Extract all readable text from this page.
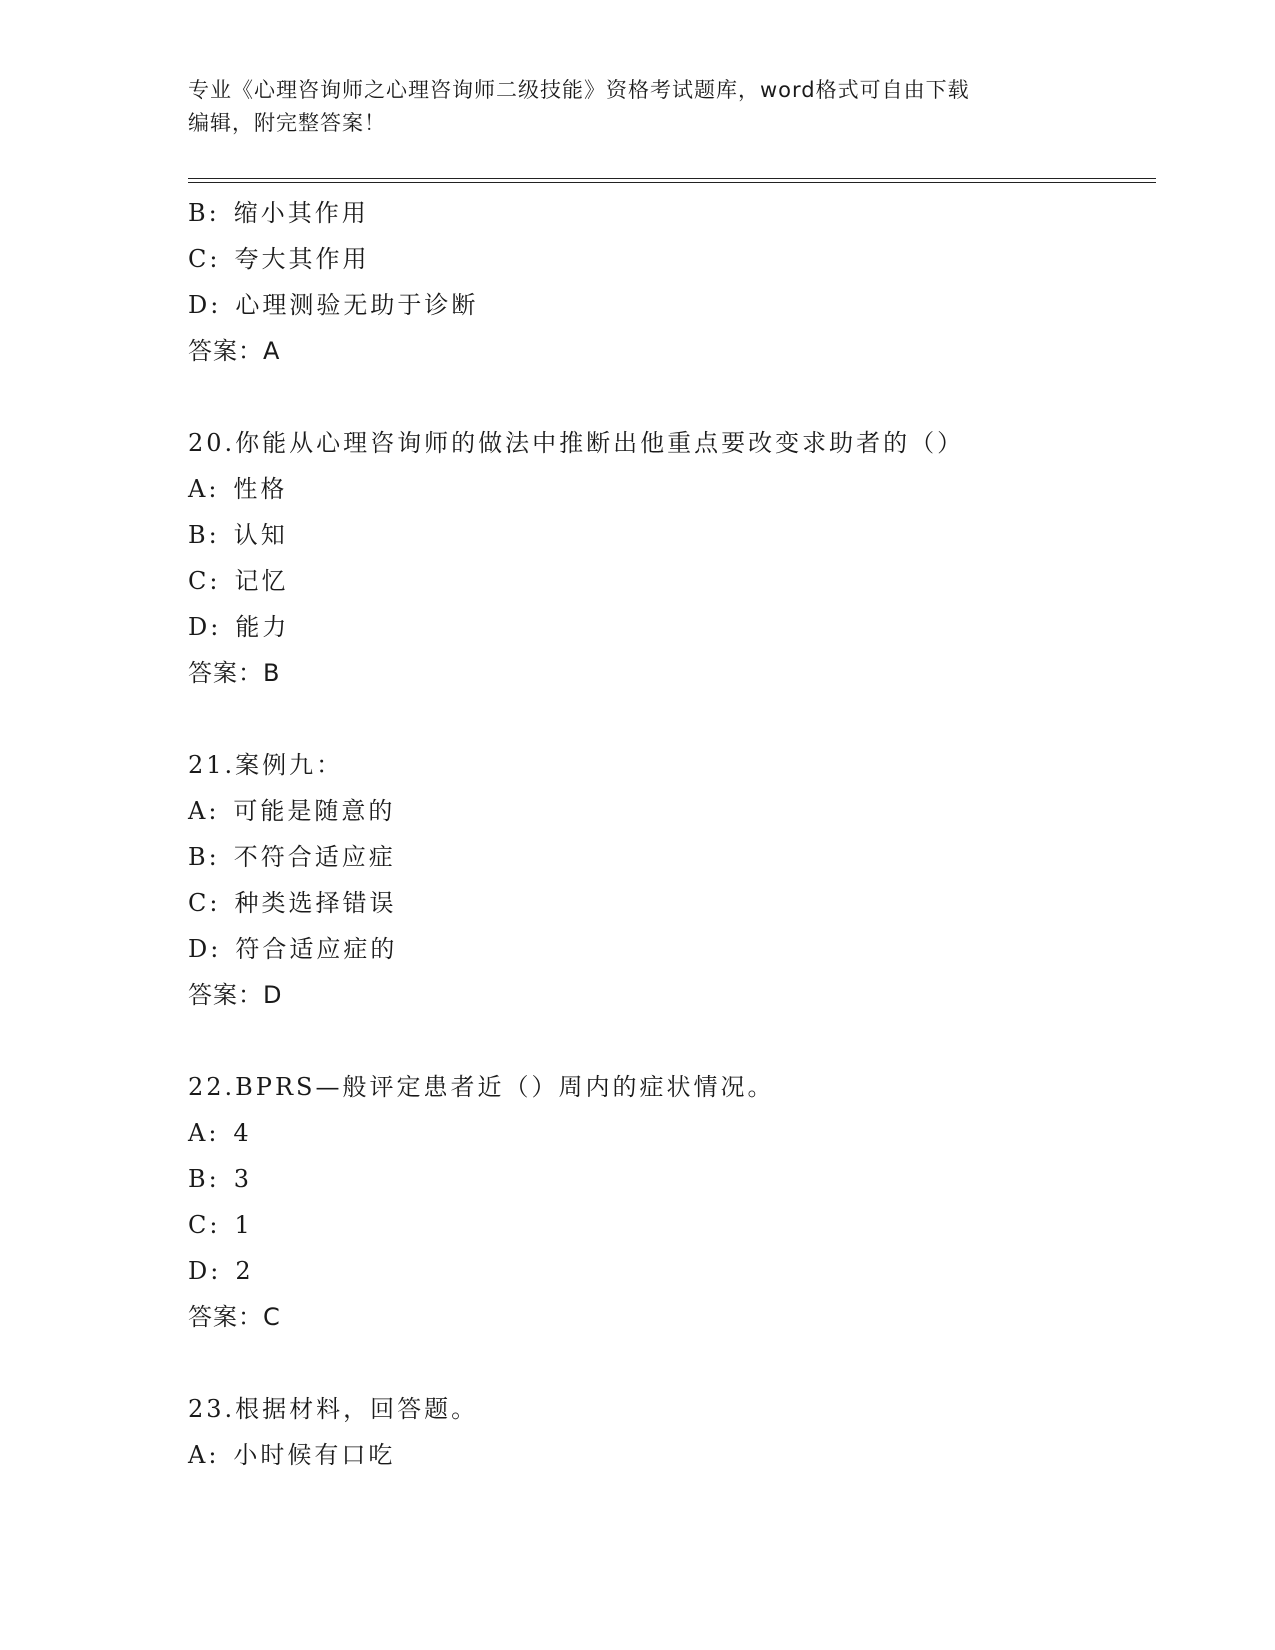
专业《心理咨询师之心理咨询师二级技能》资格考试题库，word格式可自由下载
编辑，附完整答案！
B: 缩小其作用
C: 夸大其作用
D: 心理测验无助于诊断
答案：A
20.你能从心理咨询师的做法中推断出他重点要改变求助者的（）
A: 性格
B: 认知
C: 记忆
D: 能力
答案：B
21.案例九：
A: 可能是随意的
B: 不符合适应症
C: 种类选择错误
D: 符合适应症的
答案：D
22.BPRS—般评定患者近（）周内的症状情况。
A: 4
B: 3
C: 1
D: 2
答案：C
23.根据材料，回答题。
A: 小时候有口吃
